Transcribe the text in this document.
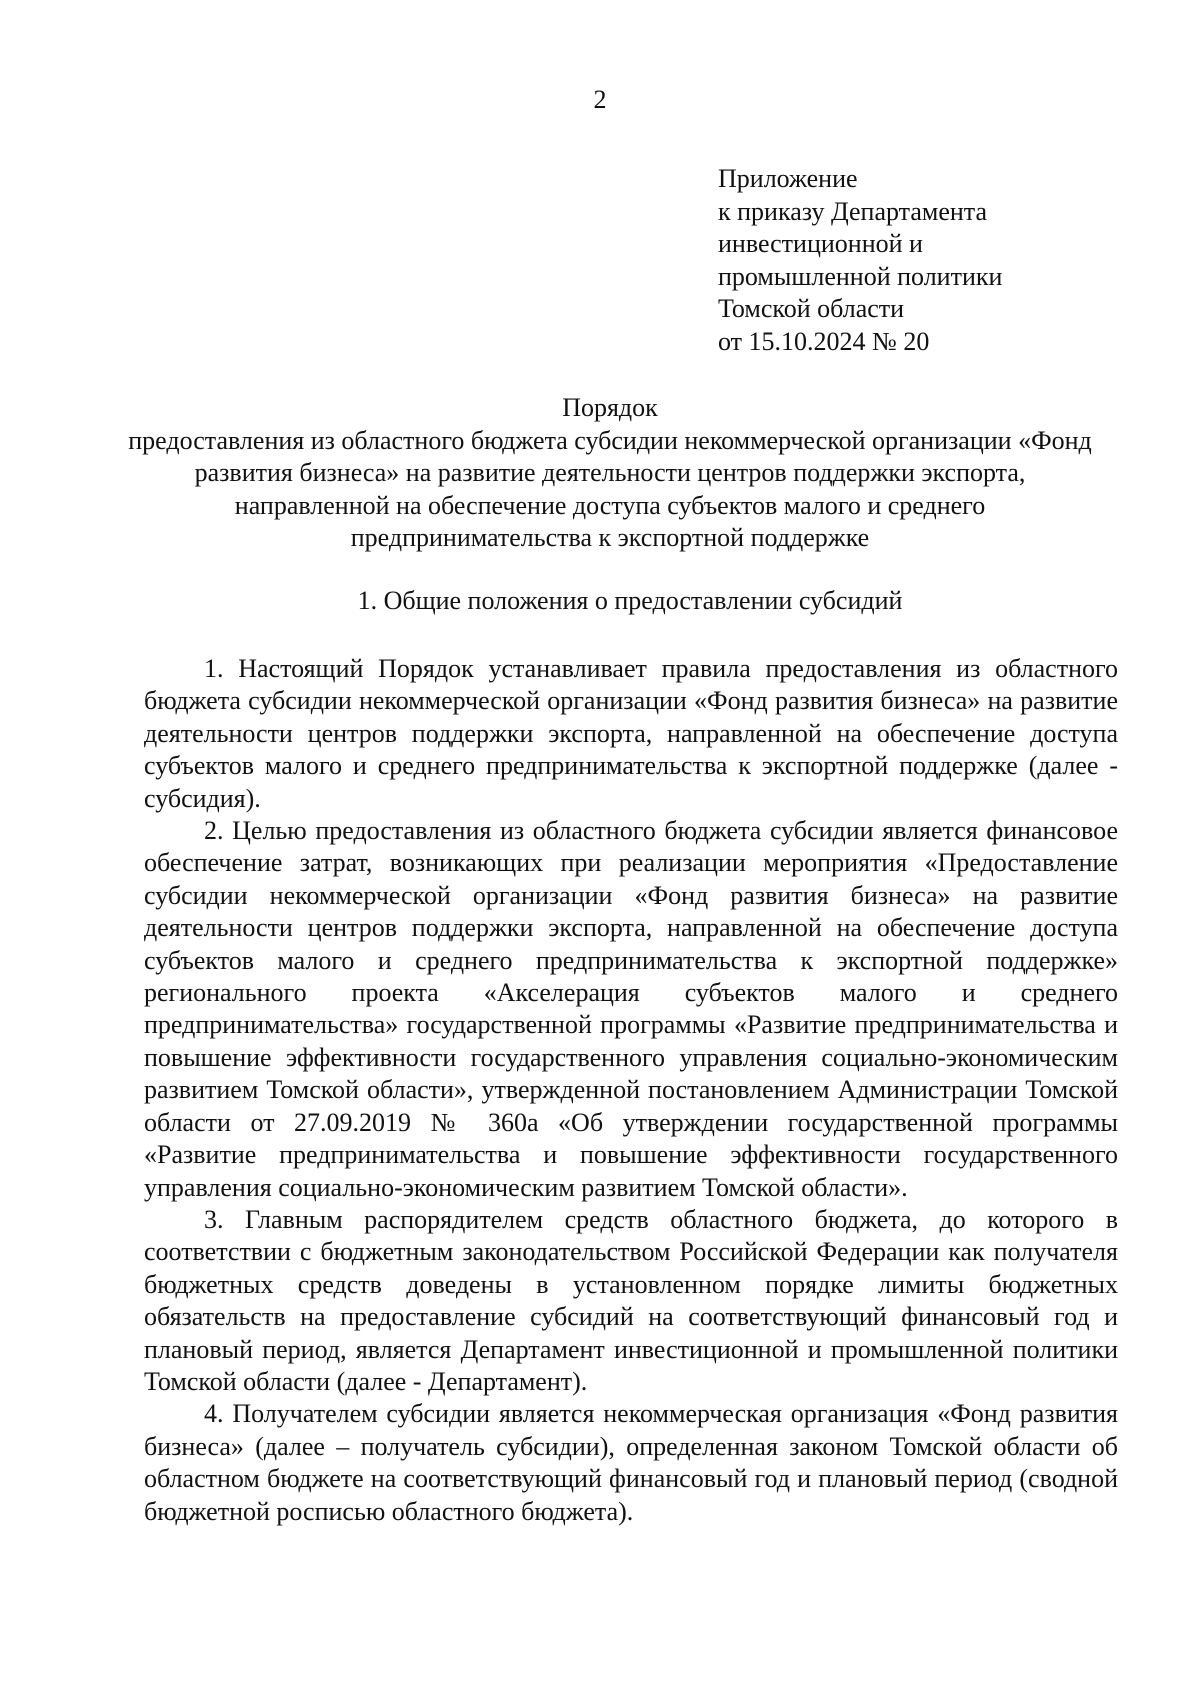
2
Приложение
к приказу Департамента
инвестиционной и
промышленной политики
Томской области
от 15.10.2024 № 20
Порядок
предоставления из областного бюджета субсидии некоммерческой организации «Фонд развития бизнеса» на развитие деятельности центров поддержки экспорта, направленной на обеспечение доступа субъектов малого и среднего предпринимательства к экспортной поддержке
1. Общие положения о предоставлении субсидий

1. Настоящий Порядок устанавливает правила предоставления из областного бюджета субсидии некоммерческой организации «Фонд развития бизнеса» на развитие деятельности центров поддержки экспорта, направленной на обеспечение доступа субъектов малого и среднего предпринимательства к экспортной поддержке (далее - субсидия).

2. Целью предоставления из областного бюджета субсидии является финансовое обеспечение затрат, возникающих при реализации мероприятия «Предоставление субсидии некоммерческой организации «Фонд развития бизнеса» на развитие деятельности центров поддержки экспорта, направленной на обеспечение доступа субъектов малого и среднего предпринимательства к экспортной поддержке» регионального проекта «Акселерация субъектов малого и среднего предпринимательства» государственной программы «Развитие предпринимательства и повышение эффективности государственного управления социально-экономическим развитием Томской области», утвержденной постановлением Администрации Томской области от 27.09.2019 № 360а «Об утверждении государственной программы «Развитие предпринимательства и повышение эффективности государственного управления социально-экономическим развитием Томской области».

3. Главным распорядителем средств областного бюджета, до которого в соответствии с бюджетным законодательством Российской Федерации как получателя бюджетных средств доведены в установленном порядке лимиты бюджетных обязательств на предоставление субсидий на соответствующий финансовый год и плановый период, является Департамент инвестиционной и промышленной политики Томской области (далее - Департамент).

4. Получателем субсидии является некоммерческая организация «Фонд развития бизнеса» (далее – получатель субсидии), определенная законом Томской области об областном бюджете на соответствующий финансовый год и плановый период (сводной бюджетной росписью областного бюджета).
